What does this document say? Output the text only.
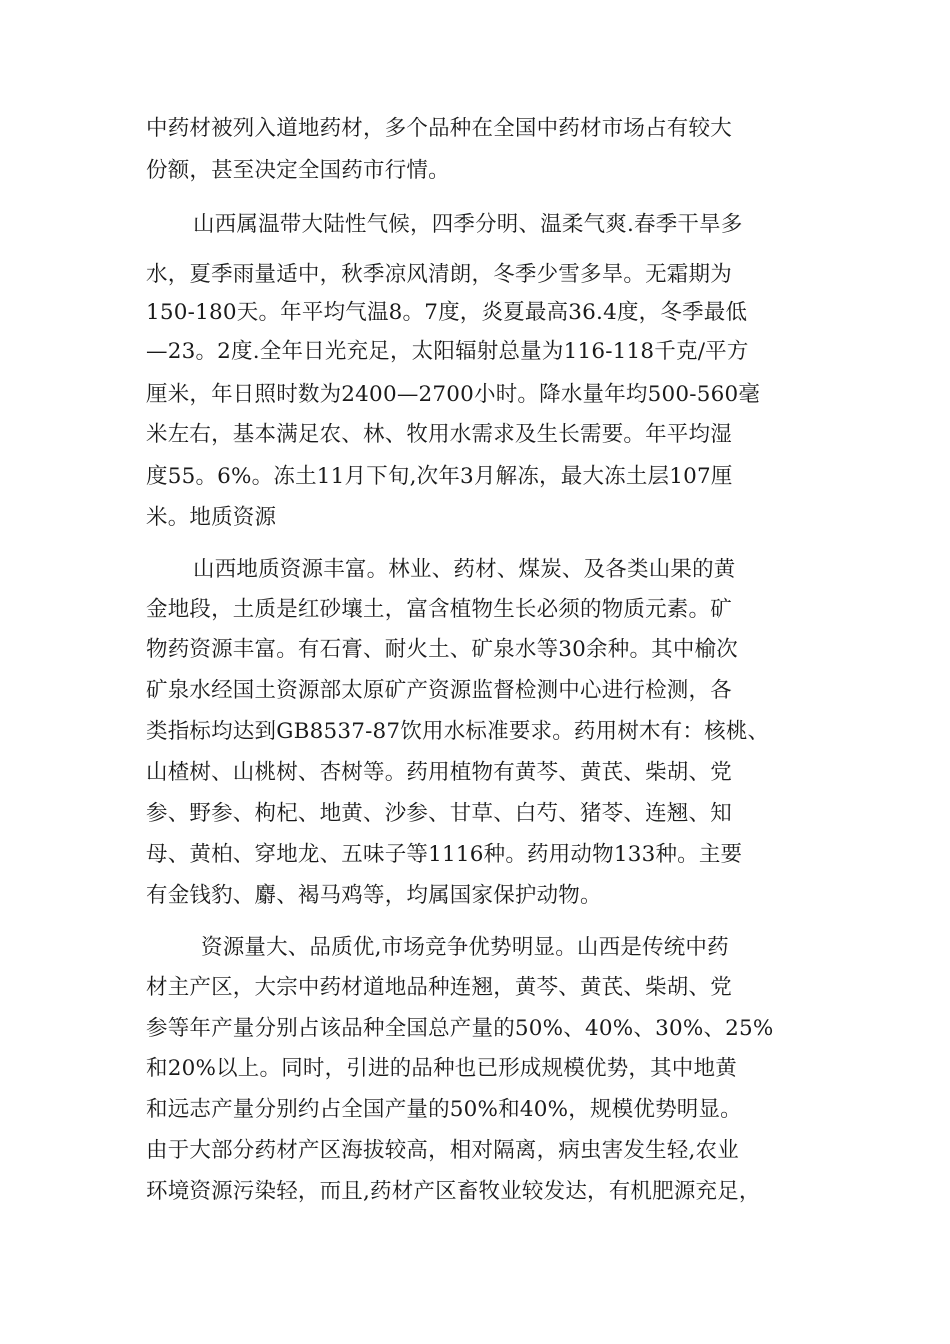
中药材被列入道地药材，多个品种在全国中药材市场占有较大
份额，甚至决定全国药市行情。
山西属温带大陆性气候，四季分明、温柔气爽.春季干旱多
水，夏季雨量适中，秋季凉风清朗，冬季少雪多旱。无霜期为
150-180天。年平均气温8。7度，炎夏最高36.4度，冬季最低
—23。2度.全年日光充足，太阳辐射总量为116-118千克/平方
厘米，年日照时数为2400—2700小时。降水量年均500-560毫
米左右，基本满足农、林、牧用水需求及生长需要。年平均湿
度55。6%。冻土11月下旬,次年3月解冻，最大冻土层107厘
米。地质资源
山西地质资源丰富。林业、药材、煤炭、及各类山果的黄
金地段，土质是红砂壤土，富含植物生长必须的物质元素。矿
物药资源丰富。有石膏、耐火土、矿泉水等30余种。其中榆次
矿泉水经国土资源部太原矿产资源监督检测中心进行检测，各
类指标均达到GB8537-87饮用水标准要求。药用树木有：核桃、
山楂树、山桃树、杏树等。药用植物有黄芩、黄芪、柴胡、党
参、野参、枸杞、地黄、沙参、甘草、白芍、猪苓、连翘、知
母、黄柏、穿地龙、五味子等1116种。药用动物133种。主要
有金钱豹、麝、褐马鸡等，均属国家保护动物。
资源量大、品质优,市场竞争优势明显。山西是传统中药
材主产区，大宗中药材道地品种连翘，黄芩、黄芪、柴胡、党
参等年产量分别占该品种全国总产量的50%、40%、30%、25%
和20%以上。同时，引进的品种也已形成规模优势，其中地黄
和远志产量分别约占全国产量的50%和40%，规模优势明显。
由于大部分药材产区海拔较高，相对隔离，病虫害发生轻,农业
环境资源污染轻，而且,药材产区畜牧业较发达，有机肥源充足，
